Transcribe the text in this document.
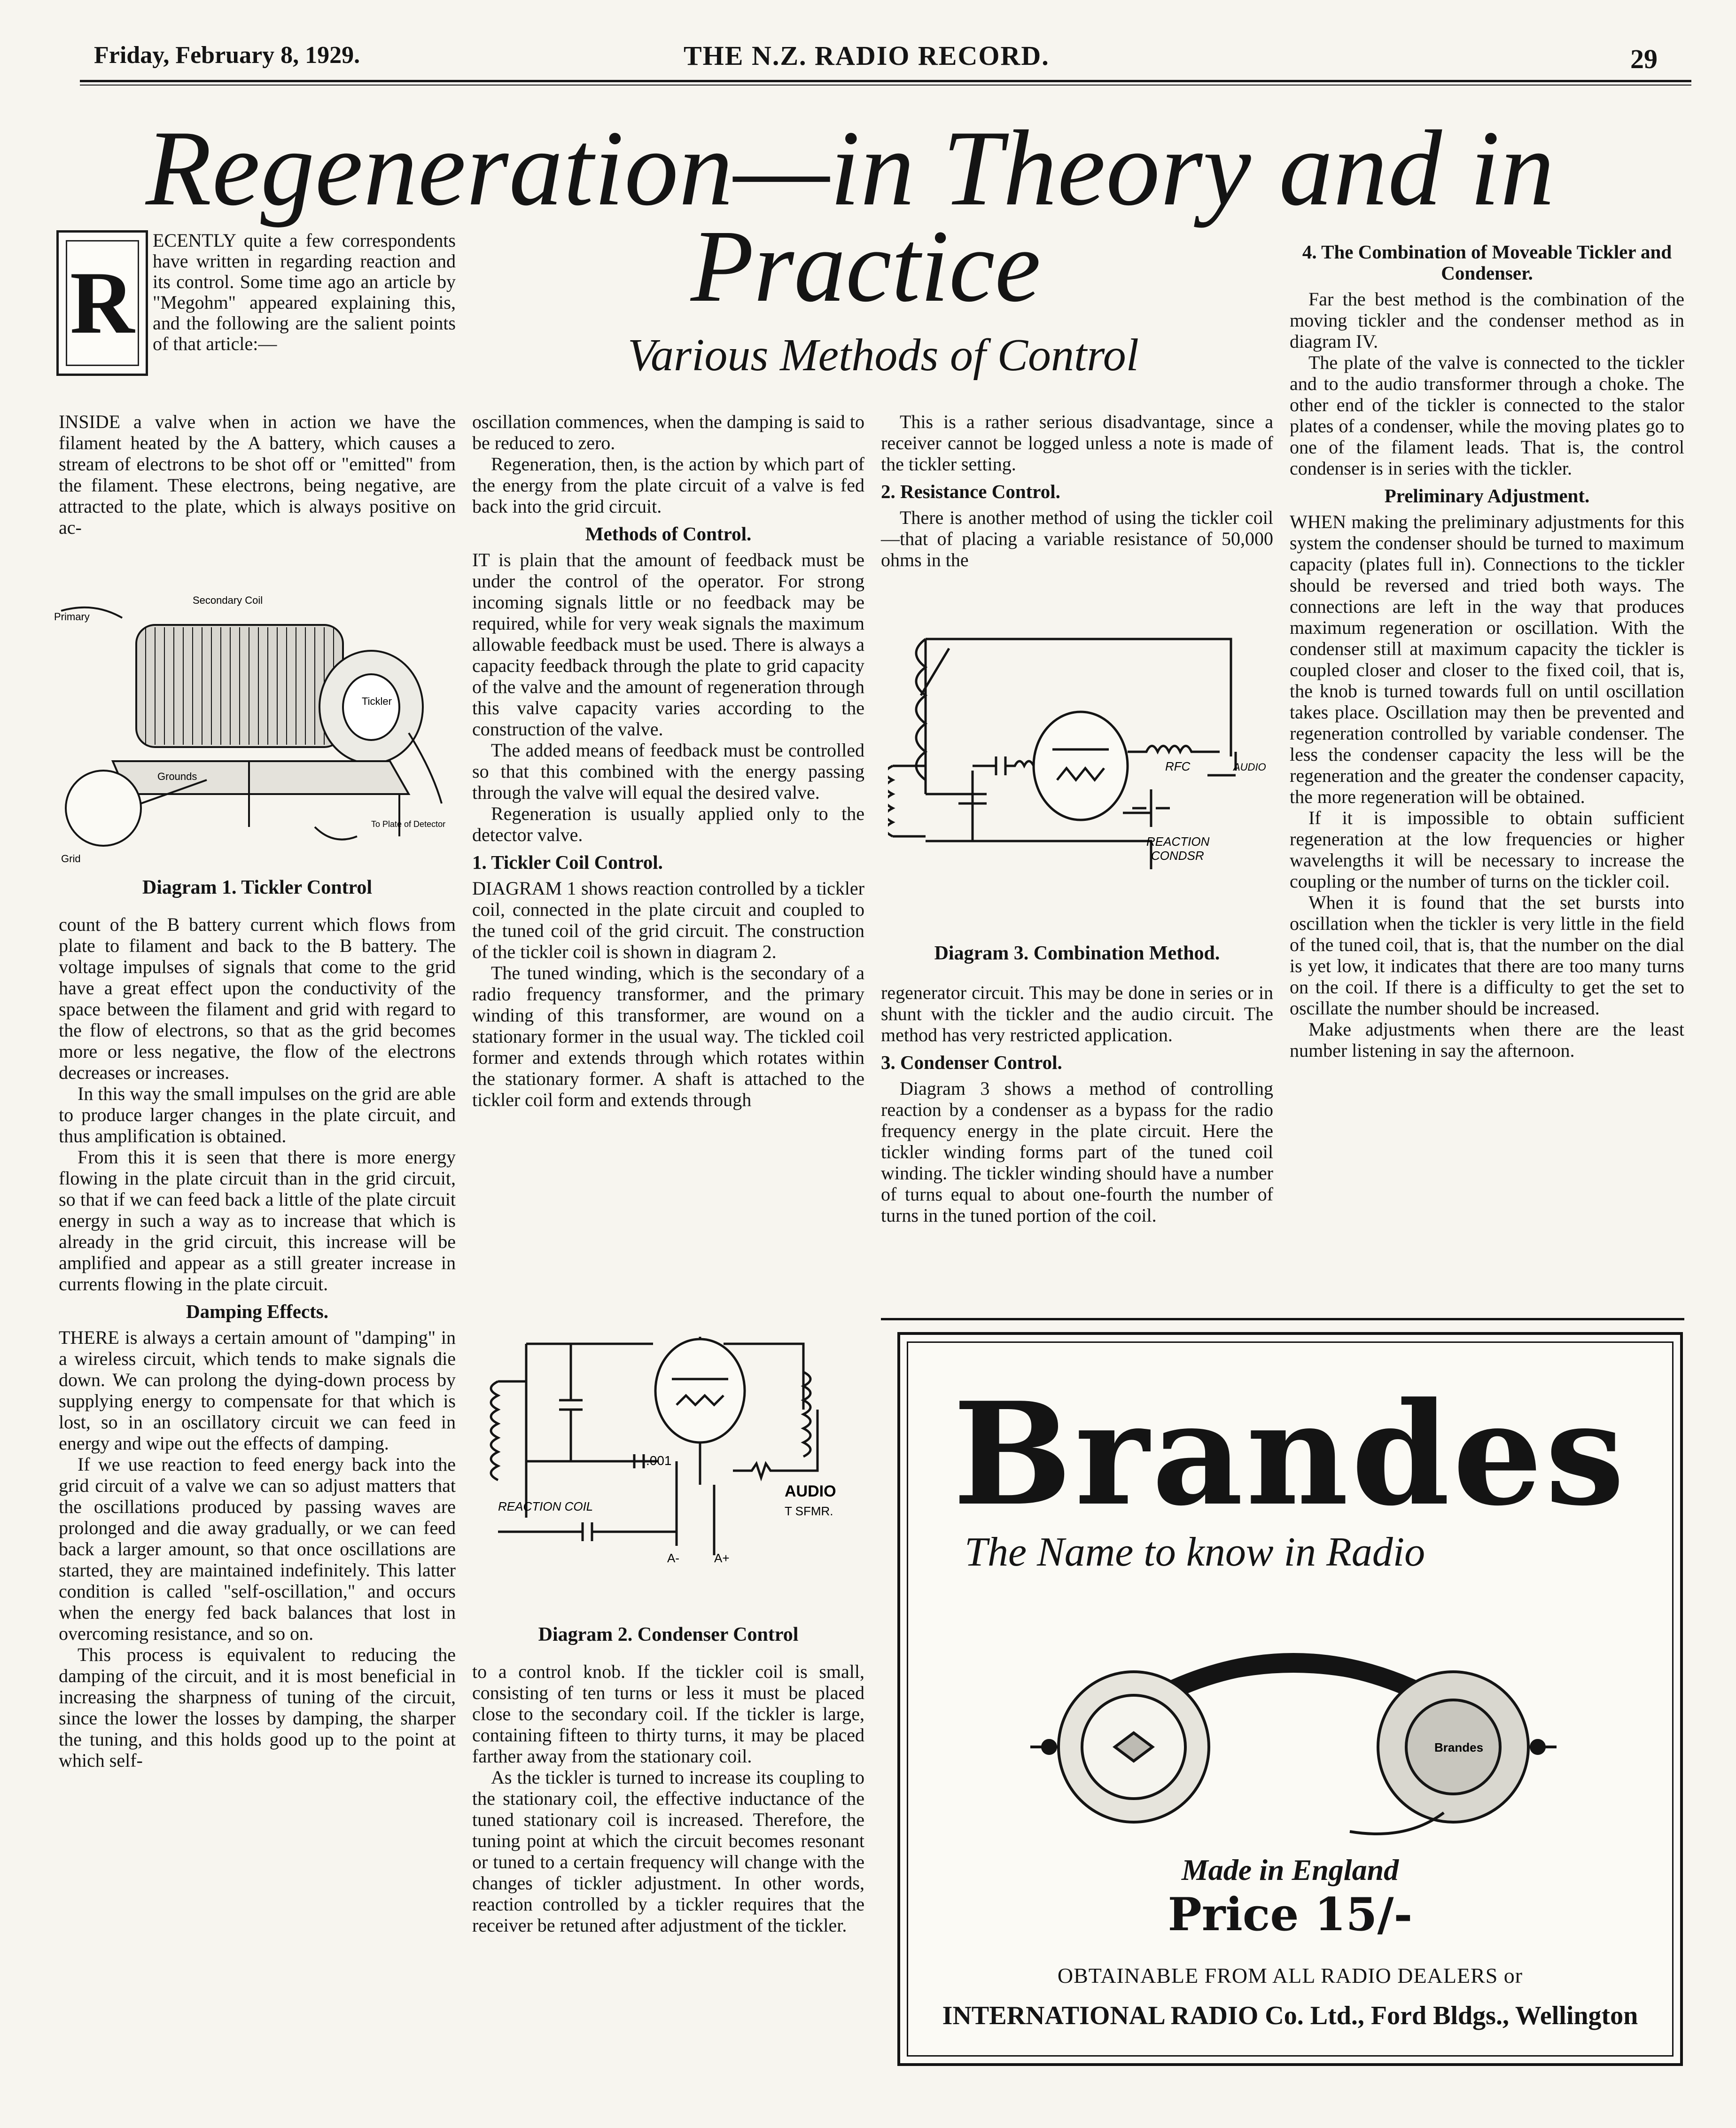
Friday, February 8, 1929.	THE N.Z. RADIO RECORD.	29
Regeneration—in Theory and in
Practice
Various Methods of Control
R

ECENTLY quite a few correspondents have written in regarding reaction and its control. Some time ago an article by "Megohm" appeared explaining this, and the following are the salient points of that article:—

INSIDE a valve when in action we have the filament heated by the A battery, which causes a stream of electrons to be shot off or "emitted" from the filament. These electrons, being negative, are attracted to the plate, which is always positive on ac-

Secondary Coil
Primary
Tickler
Grounds
Grid
To Plate of Detector
Diagram 1. Tickler Control

count of the B battery current which flows from plate to filament and back to the B battery. The voltage impulses of signals that come to the grid have a great effect upon the conductivity of the space between the filament and grid with regard to the flow of electrons, so that as the grid becomes more or less negative, the flow of the electrons decreases or increases.

In this way the small impulses on the grid are able to produce larger changes in the plate circuit, and thus amplification is obtained.

From this it is seen that there is more energy flowing in the plate circuit than in the grid circuit, so that if we can feed back a little of the plate circuit energy in such a way as to increase that which is already in the grid circuit, this increase will be amplified and appear as a still greater increase in currents flowing in the plate circuit.

Damping Effects.

THERE is always a certain amount of "damping" in a wireless circuit, which tends to make signals die down. We can prolong the dying-down process by supplying energy to compensate for that which is lost, so in an oscillatory circuit we can feed in energy and wipe out the effects of damping.

If we use reaction to feed energy back into the grid circuit of a valve we can so adjust matters that the oscillations produced by passing waves are prolonged and die away gradually, or we can feed back a larger amount, so that once oscillations are started, they are maintained indefinitely. This latter condition is called "self-oscillation," and occurs when the energy fed back balances that lost in overcoming resistance, and so on.

This process is equivalent to reducing the damping of the circuit, and it is most beneficial in increasing the sharpness of tuning of the circuit, since the lower the losses by damping, the sharper the tuning, and this holds good up to the point at which self-

oscillation commences, when the damping is said to be reduced to zero.

Regeneration, then, is the action by which part of the energy from the plate circuit of a valve is fed back into the grid circuit.

Methods of Control.

IT is plain that the amount of feedback must be under the control of the operator. For strong incoming signals little or no feedback may be required, while for very weak signals the maximum allowable feedback must be used. There is always a capacity feedback through the plate to grid capacity of the valve and the amount of regeneration through this valve capacity varies according to the construction of the valve.

The added means of feedback must be controlled so that this combined with the energy passing through the valve will equal the desired valve.

Regeneration is usually applied only to the detector valve.

1. Tickler Coil Control.

DIAGRAM 1 shows reaction controlled by a tickler coil, connected in the plate circuit and coupled to the tuned coil of the grid circuit. The construction of the tickler coil is shown in diagram 2.

The tuned winding, which is the secondary of a radio frequency transformer, and the primary winding of this transformer, are wound on a stationary former in the usual way. The tickled coil former and extends through which rotates within the stationary former. A shaft is attached to the tickler coil form and extends through

.001
AUDIO
T SFMR.
REACTION COIL
A-	A+
Diagram 2. Condenser Control

to a control knob. If the tickler coil is small, consisting of ten turns or less it must be placed close to the secondary coil. If the tickler is large, containing fifteen to thirty turns, it may be placed farther away from the stationary coil.

As the tickler is turned to increase its coupling to the stationary coil, the effective inductance of the tuned stationary coil is increased. Therefore, the tuning point at which the circuit becomes resonant or tuned to a certain frequency will change with the changes of tickler adjustment. In other words, reaction controlled by a tickler requires that the receiver be retuned after adjustment of the tickler.

This is a rather serious disadvantage, since a receiver cannot be logged unless a note is made of the tickler setting.

2. Resistance Control.

There is another method of using the tickler coil—that of placing a variable resistance of 50,000 ohms in the

RFC	AUDIO
REACTION
CONDSR
Diagram 3. Combination Method.

regenerator circuit. This may be done in series or in shunt with the tickler and the audio circuit. The method has very restricted application.

3. Condenser Control.

Diagram 3 shows a method of controlling reaction by a condenser as a bypass for the radio frequency energy in the plate circuit. Here the tickler winding forms part of the tuned coil winding. The tickler winding should have a number of turns equal to about one-fourth the number of turns in the tuned portion of the coil.

4. The Combination of Moveable Tickler and Condenser.

Far the best method is the combination of the moving tickler and the condenser method as in diagram IV.

The plate of the valve is connected to the tickler and to the audio transformer through a choke. The other end of the tickler is connected to the stalor plates of a condenser, while the moving plates go to one of the filament leads. That is, the control condenser is in series with the tickler.

Preliminary Adjustment.

WHEN making the preliminary adjustments for this system the condenser should be turned to maximum capacity (plates full in). Connections to the tickler should be reversed and tried both ways. The connections are left in the way that produces maximum regeneration or oscillation. With the condenser still at maximum capacity the tickler is coupled closer and closer to the fixed coil, that is, the knob is turned towards full on until oscillation takes place. Oscillation may then be prevented and regeneration controlled by variable condenser. The less the condenser capacity the less will be the regeneration and the greater the condenser capacity, the more regeneration will be obtained.

If it is impossible to obtain sufficient regeneration at the low frequencies or higher wavelengths it will be necessary to increase the coupling or the number of turns on the tickler coil.

When it is found that the set bursts into oscillation when the tickler is very little in the field of the tuned coil, that is, that the number on the dial is yet low, it indicates that there are too many turns on the coil. If there is a difficulty to get the set to oscillate the number should be increased.

Make adjustments when there are the least number listening in say the afternoon.

Brandes
The Name to know in Radio
Brandes
Made in England
Price 15/-
OBTAINABLE FROM ALL RADIO DEALERS or
INTERNATIONAL RADIO Co. Ltd., Ford Bldgs., Wellington
